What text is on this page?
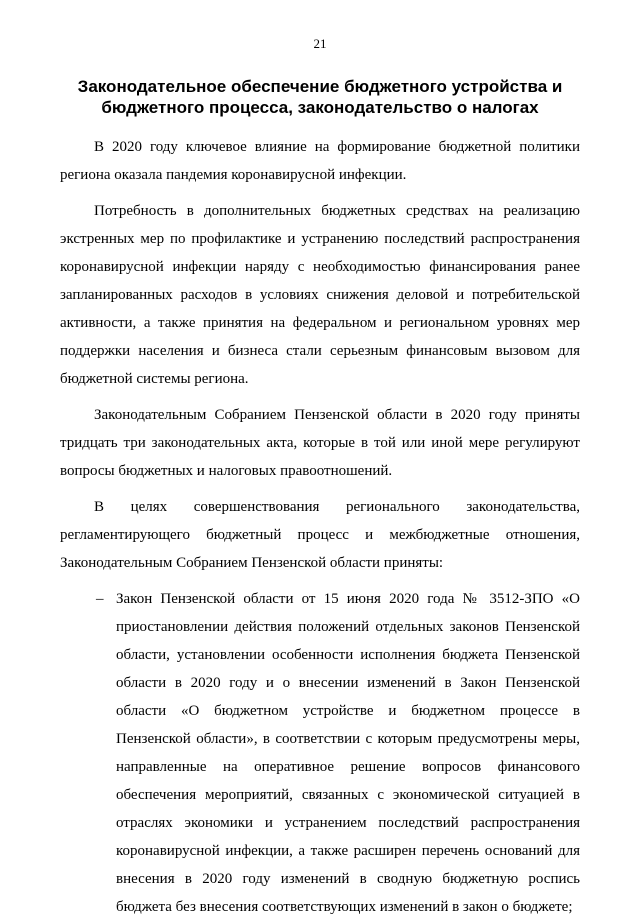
21
Законодательное обеспечение бюджетного устройства и бюджетного процесса, законодательство о налогах

В 2020 году ключевое влияние на формирование бюджетной политики региона оказала пандемия коронавирусной инфекции.

Потребность в дополнительных бюджетных средствах на реализацию экстренных мер по профилактике и устранению последствий распространения коронавирусной инфекции наряду с необходимостью финансирования ранее запланированных расходов в условиях снижения деловой и потребительской активности, а также принятия на федеральном и региональном уровнях мер поддержки населения и бизнеса стали серьезным финансовым вызовом для бюджетной системы региона.

Законодательным Собранием Пензенской области в 2020 году приняты тридцать три законодательных акта, которые в той или иной мере регулируют вопросы бюджетных и налоговых правоотношений.

В целях совершенствования регионального законодательства, регламентирующего бюджетный процесс и межбюджетные отношения, Законодательным Собранием Пензенской области приняты:

– Закон Пензенской области от 15 июня 2020 года № 3512-ЗПО «О приостановлении действия положений отдельных законов Пензенской области, установлении особенности исполнения бюджета Пензенской области в 2020 году и о внесении изменений в Закон Пензенской области «О бюджетном устройстве и бюджетном процессе в Пензенской области», в соответствии с которым предусмотрены меры, направленные на оперативное решение вопросов финансового обеспечения мероприятий, связанных с экономической ситуацией в отраслях экономики и устранением последствий распространения коронавирусной инфекции, а также расширен перечень оснований для внесения в 2020 году изменений в сводную бюджетную роспись бюджета без внесения соответствующих изменений в закон о бюджете;
